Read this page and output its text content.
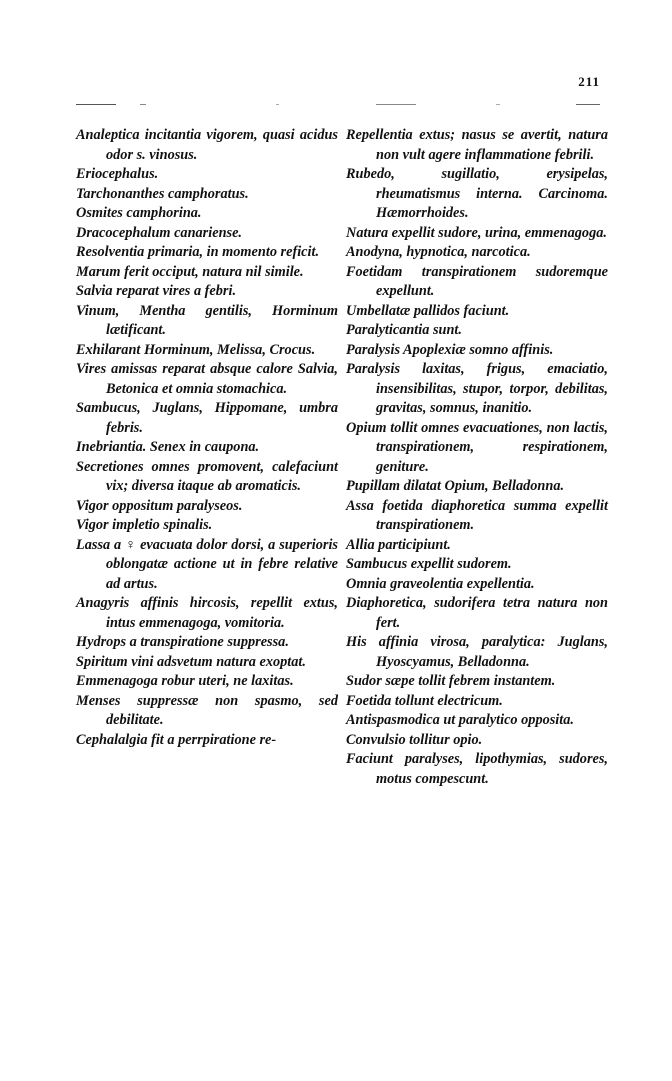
211

Analeptica incitantia vigorem, quasi acidus odor s. vinosus.

Eriocephalus.

Tarchonanthes camphoratus.

Osmites camphorina.

Dracocephalum canariense.

Resolventia primaria, in momento reficit.

Marum ferit occiput, natura nil simile.

Salvia reparat vires a febri.

Vinum, Mentha gentilis, Horminum lætificant.

Exhilarant Horminum, Melissa, Crocus.

Vires amissas reparat absque calore Salvia, Betonica et omnia stomachica.

Sambucus, Juglans, Hippomane, umbra febris.

Inebriantia. Senex in caupona.

Secretiones omnes promovent, calefaciunt vix; diversa itaque ab aromaticis.

Vigor oppositum paralyseos.

Vigor impletio spinalis.

Lassa a ♀ evacuata dolor dorsi, a superioris oblongatæ actione ut in febre relative ad artus.

Anagyris affinis hircosis, repellit extus, intus emmenagoga, vomitoria.

Hydrops a transpiratione suppressa.

Spiritum vini adsvetum natura exoptat.

Emmenagoga robur uteri, ne laxitas.

Menses suppressæ non spasmo, sed debilitate.

Cephalalgia fit a perrpiratione re-

Repellentia extus; nasus se avertit, natura non vult agere inflammatione febrili.

Rubedo, sugillatio, erysipelas, rheumatismus interna. Carcinoma. Hæmorrhoides.

Natura expellit sudore, urina, emmenagoga.

Anodyna, hypnotica, narcotica.

Foetidam transpirationem sudoremque expellunt.

Umbellatæ pallidos faciunt.

Paralyticantia sunt.

Paralysis Apoplexiæ somno affinis.

Paralysis laxitas, frigus, emaciatio, insensibilitas, stupor, torpor, debilitas, gravitas, somnus, inanitio.

Opium tollit omnes evacuationes, non lactis, transpirationem, respirationem, geniture.

Pupillam dilatat Opium, Belladonna.

Assa foetida diaphoretica summa expellit transpirationem.

Allia participiunt.

Sambucus expellit sudorem.

Omnia graveolentia expellentia.

Diaphoretica, sudorifera tetra natura non fert.

His affinia virosa, paralytica: Juglans, Hyoscyamus, Belladonna.

Sudor sæpe tollit febrem instantem.

Foetida tollunt electricum.

Antispasmodica ut paralytico opposita.

Convulsio tollitur opio.

Faciunt paralyses, lipothymias, sudores, motus compescunt.
